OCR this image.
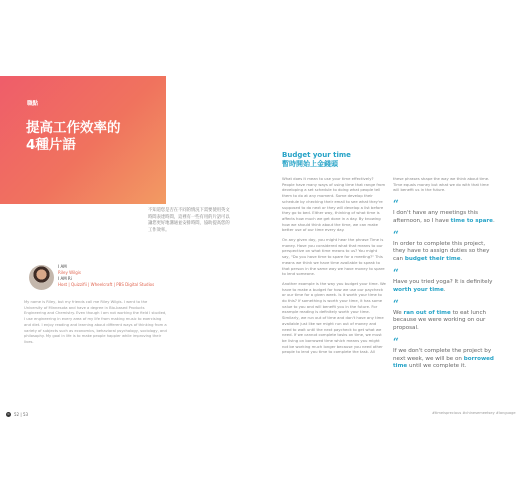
職點
提高工作效率的
4種片語
不知道您是否在不同的情況下需要使用英文時間表達時間，這裡有一些有用的片語可以讓您更好地溝通並安排時間，協助提高您的工作效率。
I AM
Riley Wilgis
I AM Ri
Host | Quizzifii | Wheelcraft | PBS Digital Studios
My name is Riley, but my friends call me Riley Wilgis. I went to the University of Minnesota and have a degree in Bio-based Products Engineering and Chemistry. Even though I am not working the field I studied, I use engineering in every area of my life from making music to exercising and diet. I enjoy reading and learning about different ways of thinking from a variety of subjects such as economics, behavioral psychology, sociology, and philosophy. My goal in life is to make people happier while improving their lives.
Budget your time
暫時開始上金錢頭

What does it mean to use your time effectively? People have many ways of using time that range from developing a set schedule to doing what people tell them to do at any moment. Some develop their schedule by checking their email to see what they're supposed to do next or they will develop a list before they go to bed. Either way, thinking of what time is affects how much we get done in a day. By knowing how we should think about the time, we can make better use of our time every day.

On any given day, you might hear the phrase Time is money. Have you considered what that means to our perspective on what time means to us? You might say, "Do you have time to spare for a meeting?" This means we think we have time available to speak to that person in the same way we have money to spare to lend someone.

Another example is the way you budget your time. We have to make a budget for how we use our paycheck or our time for a given week. Is it worth your time to do this? If something is worth your time, it has some value to you and will benefit you in the future. For example reading is definitely worth your time. Similarly, we run out of time and don't have any time available just like we might run out of money and need to wait until the next paycheck to get what we need. If we cannot complete tasks on time, we must be living on borrowed time which means you might not be working much longer because you need other people to lend you time to complete the task. All

these phrases shape the way we think about time. Time equals money but what we do with that time will benefit us in the future.

“
I don't have any meetings this afternoon, so I have time to spare.
“
In order to complete this project, they have to assign duties so they can budget their time.
“
Have you tried yoga? It is definitely worth your time.
“
We ran out of time to eat lunch because we were working on our proposal.
“
If we don't complete the project by next week, we will be on borrowed time until we complete it.
C	52 | 53	#timeisprecious #chinesemeetsey #language
